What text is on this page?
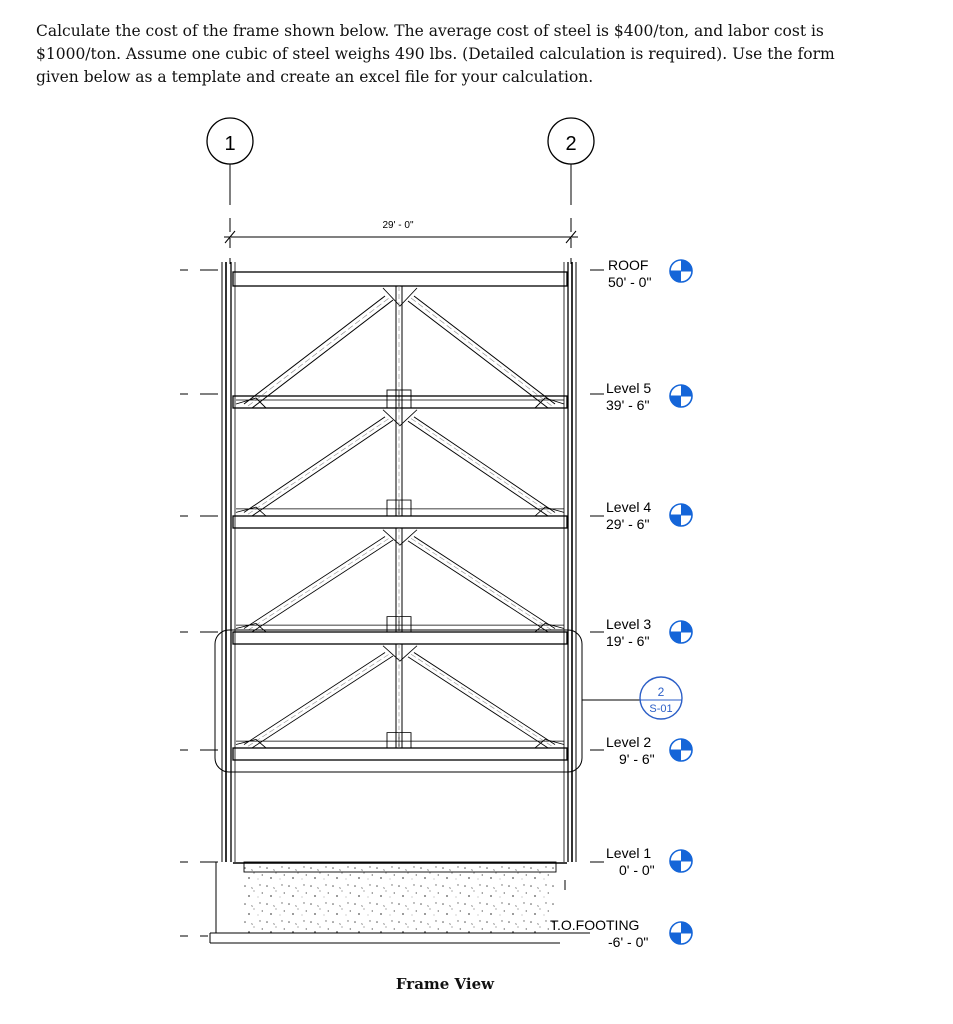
Calculate the cost of the frame shown below. The average cost of steel is $400/ton, and labor cost is

$1000/ton. Assume one cubic of steel weighs 490 lbs. (Detailed calculation is required). Use the form

given below as a template and create an excel file for your calculation.

1	2
29' - 0"
ROOF
50' - 0"
Level 5
39' - 6"
Level 4
29' - 6"
Level 3
19' - 6"
Level 2
9' - 6"
Level 1
0' - 0"
T.O.FOOTING
-6' - 0"
2
S-01
Frame View
